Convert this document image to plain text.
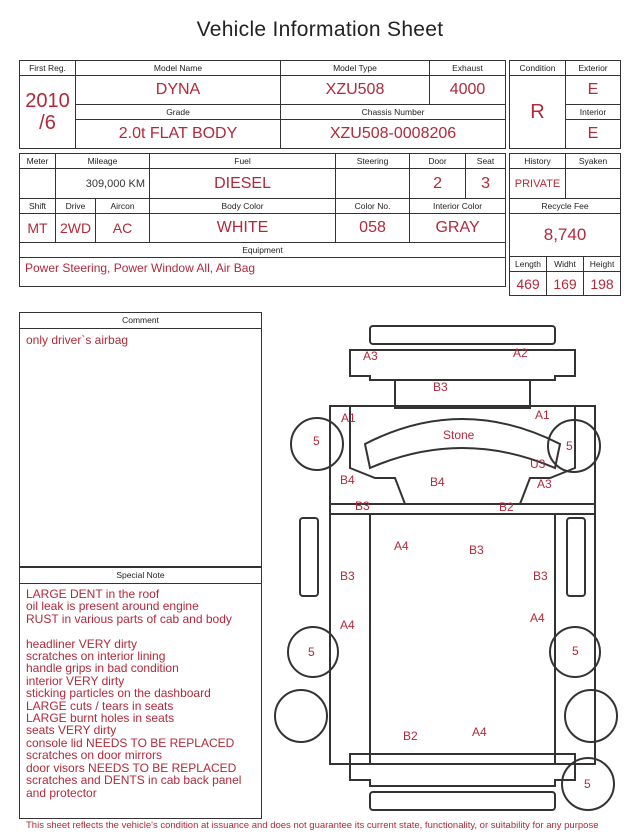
Vehicle Information Sheet
First Reg.	Model Name	Model Type	Exhaust

2010
/6	DYNA	XZU508	4000
	Grade	Chassis Number	
	2.0t FLAT BODY	XZU508-0008206	
Condition	Exterior
R	E
	Interior
	E
Meter	Mileage		Fuel	Steering	Door	Seat
	309,000 KM		DIESEL		2	3
Shift	Drive	Aircon	Body Color	Color No.	Interior Color	
MT	2WD	AC	WHITE	058	GRAY	
Equipment						
Power Steering, Power Window All, Air Bag						
History		Syaken	
PRIVATE			
Recycle Fee			
8,740			
Length	Widht		Height
469	169		198
Comment
only driver`s airbag
Special Note
LARGE DENT in the roof
oil leak is present around engine
RUST in various parts of cab and body

headliner VERY dirty
scratches on interior lining
handle grips in bad condition
interior VERY dirty
sticking particles on the dashboard
LARGE cuts / tears in seats
LARGE burnt holes in seats
seats VERY dirty
console lid NEEDS TO BE REPLACED
scratches on door mirrors
door visors NEEDS TO BE REPLACED
scratches and DENTS in cab back panel
and protector
A3	A2
B3
A1	A1
Stone
U3
A3
B4	B4
B3	B2
A4	B3
B3
A4
B3
A4
B2	A4
5	5
5	5
5
This sheet reflects the vehicle's condition at issuance and does not guarantee its current state, functionality, or suitability for any purpose
